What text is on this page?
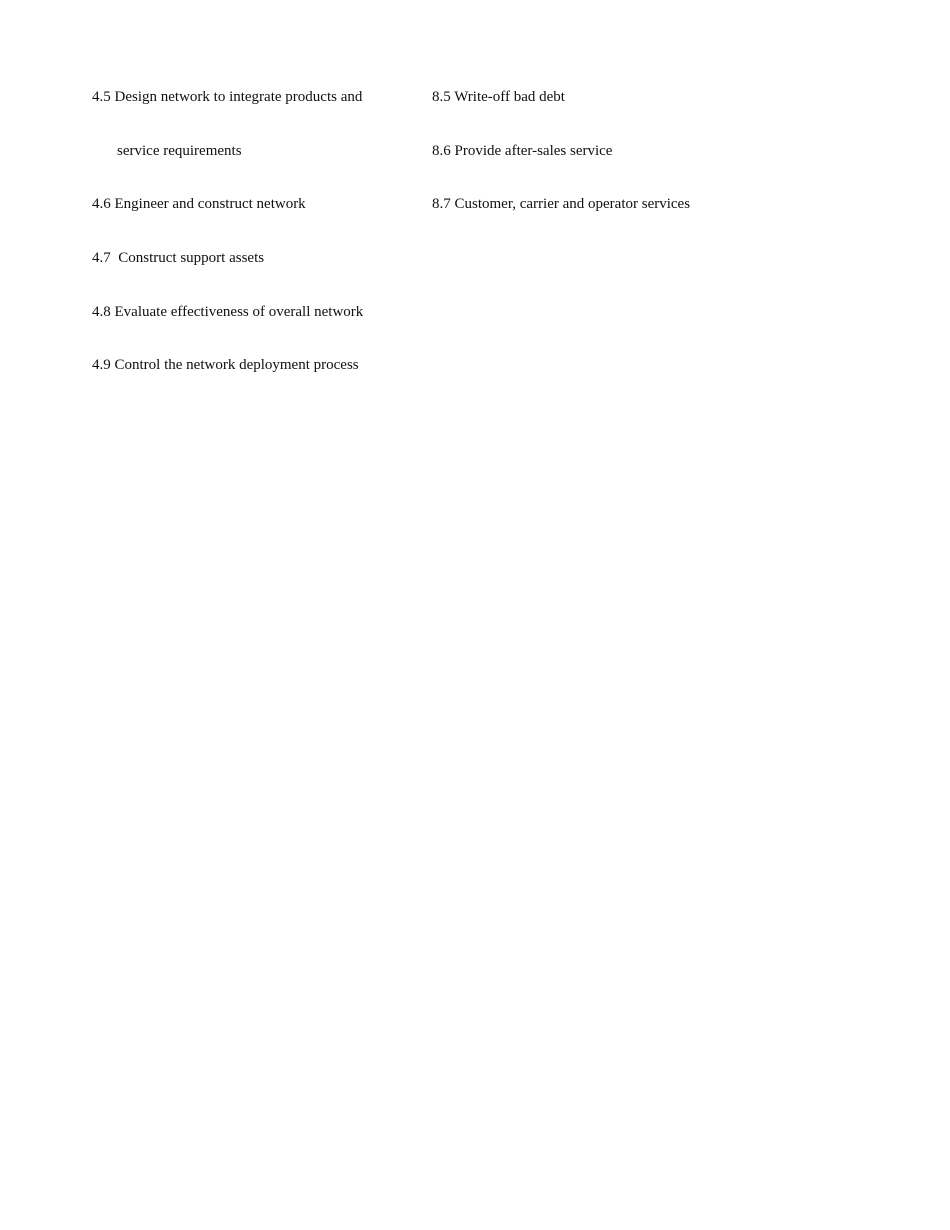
4.5 Design network to integrate products and
service requirements
4.6 Engineer and construct network
4.7  Construct support assets
4.8 Evaluate effectiveness of overall network
4.9 Control the network deployment process
8.5 Write-off bad debt
8.6 Provide after-sales service
8.7 Customer, carrier and operator services
